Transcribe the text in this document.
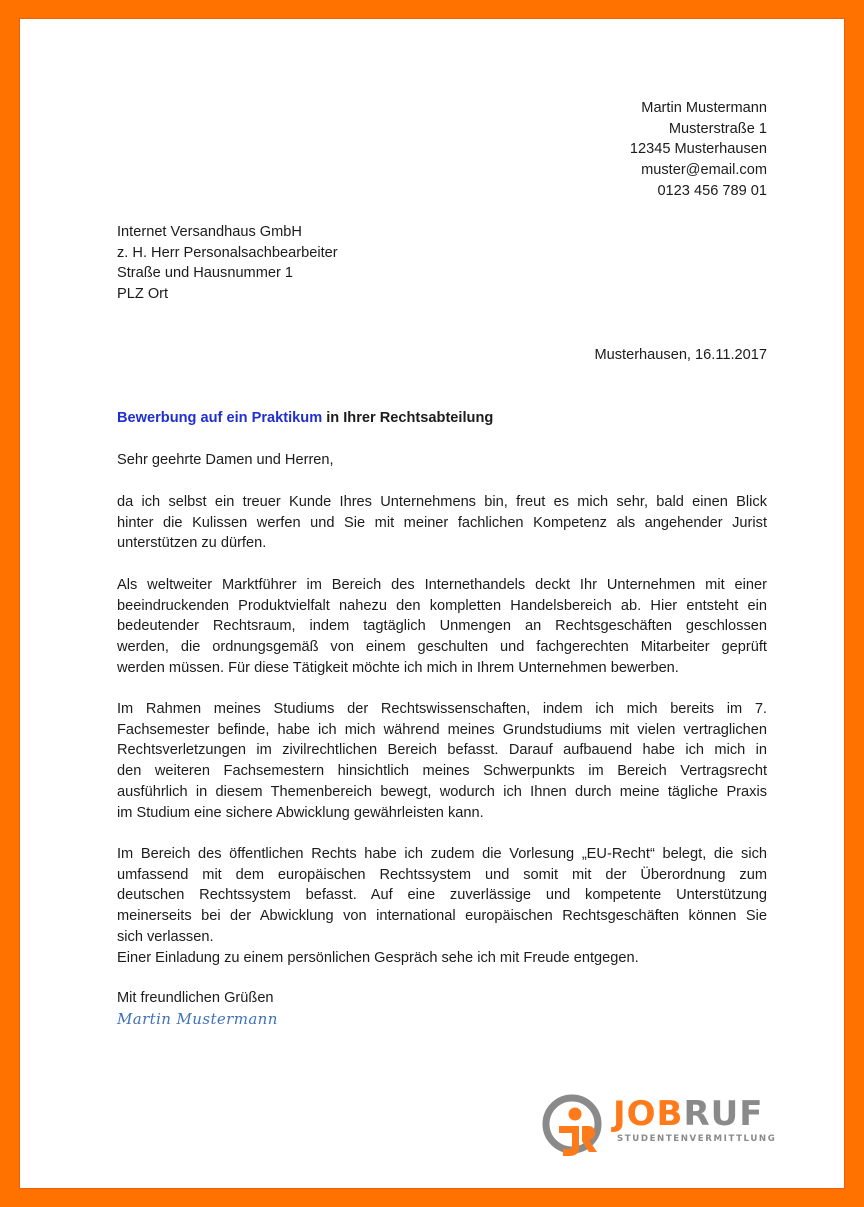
Martin Mustermann
Musterstraße 1
12345 Musterhausen
muster@email.com
0123 456 789 01
Internet Versandhaus GmbH
z. H. Herr Personalsachbearbeiter
Straße und Hausnummer 1
PLZ Ort
Musterhausen, 16.11.2017
Bewerbung auf ein Praktikum in Ihrer Rechtsabteilung
Sehr geehrte Damen und Herren,
da ich selbst ein treuer Kunde Ihres Unternehmens bin, freut es mich sehr, bald einen Blick
hinter die Kulissen werfen und Sie mit meiner fachlichen Kompetenz als angehender Jurist
unterstützen zu dürfen.
Als weltweiter Marktführer im Bereich des Internethandels deckt Ihr Unternehmen mit einer
beeindruckenden Produktvielfalt nahezu den kompletten Handelsbereich ab. Hier entsteht ein
bedeutender Rechtsraum, indem tagtäglich Unmengen an Rechtsgeschäften geschlossen
werden, die ordnungsgemäß von einem geschulten und fachgerechten Mitarbeiter geprüft
werden müssen. Für diese Tätigkeit möchte ich mich in Ihrem Unternehmen bewerben.
Im Rahmen meines Studiums der Rechtswissenschaften, indem ich mich bereits im 7.
Fachsemester befinde, habe ich mich während meines Grundstudiums mit vielen vertraglichen
Rechtsverletzungen im zivilrechtlichen Bereich befasst. Darauf aufbauend habe ich mich in
den weiteren Fachsemestern hinsichtlich meines Schwerpunkts im Bereich Vertragsrecht
ausführlich in diesem Themenbereich bewegt, wodurch ich Ihnen durch meine tägliche Praxis
im Studium eine sichere Abwicklung gewährleisten kann.
Im Bereich des öffentlichen Rechts habe ich zudem die Vorlesung „EU-Recht“ belegt, die sich
umfassend mit dem europäischen Rechtssystem und somit mit der Überordnung zum
deutschen Rechtssystem befasst. Auf eine zuverlässige und kompetente Unterstützung
meinerseits bei der Abwicklung von international europäischen Rechtsgeschäften können Sie
sich verlassen.
Einer Einladung zu einem persönlichen Gespräch sehe ich mit Freude entgegen.
Mit freundlichen Grüßen
Martin Mustermann
JOBRUF
STUDENTENVERMITTLUNG
